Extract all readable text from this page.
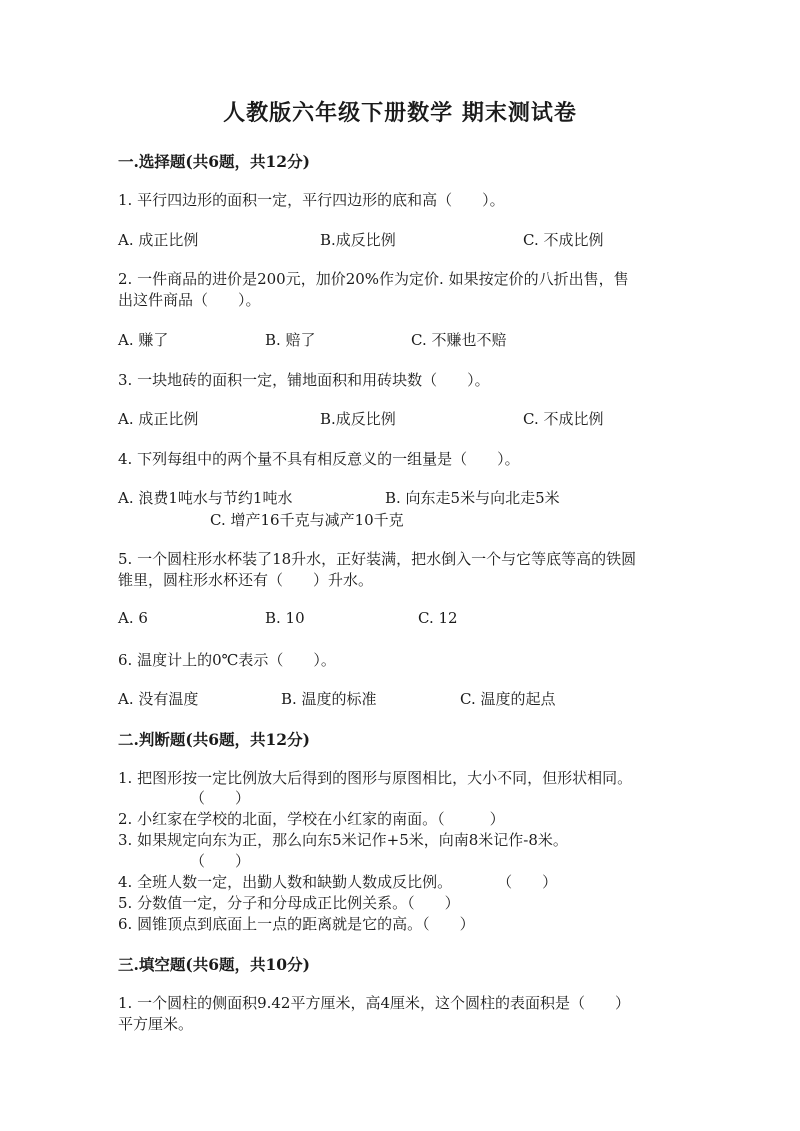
人教版六年级下册数学 期末测试卷
一.选择题(共6题，共12分)
1. 平行四边形的面积一定，平行四边形的底和高（　　）。
A. 成正比例	B.成反比例	C. 不成比例
2. 一件商品的进价是200元，加价20%作为定价. 如果按定价的八折出售，售
出这件商品（　　）。
A. 赚了	B. 赔了	C. 不赚也不赔
3. 一块地砖的面积一定，铺地面积和用砖块数（　　）。
A. 成正比例	B.成反比例	C. 不成比例
4. 下列每组中的两个量不具有相反意义的一组量是（　　）。
A. 浪费1吨水与节约1吨水	B. 向东走5米与向北走5米
C. 增产16千克与减产10千克
5. 一个圆柱形水杯装了18升水，正好装满，把水倒入一个与它等底等高的铁圆
锥里，圆柱形水杯还有（　　）升水。
A. 6	B. 10	C. 12
6. 温度计上的0℃表示（　　）。
A. 没有温度	B. 温度的标准	C. 温度的起点
二.判断题(共6题，共12分)
1. 把图形按一定比例放大后得到的图形与原图相比，大小不同，但形状相同。
（　　）
2. 小红家在学校的北面，学校在小红家的南面。（　　　）
3. 如果规定向东为正，那么向东5米记作+5米，向南8米记作-8米。
（　　）
4. 全班人数一定，出勤人数和缺勤人数成反比例。　　　　（　　）
5. 分数值一定，分子和分母成正比例关系。（　　）
6. 圆锥顶点到底面上一点的距离就是它的高。（　　）
三.填空题(共6题，共10分)
1. 一个圆柱的侧面积9.42平方厘米，高4厘米，这个圆柱的表面积是（　　）
平方厘米。
